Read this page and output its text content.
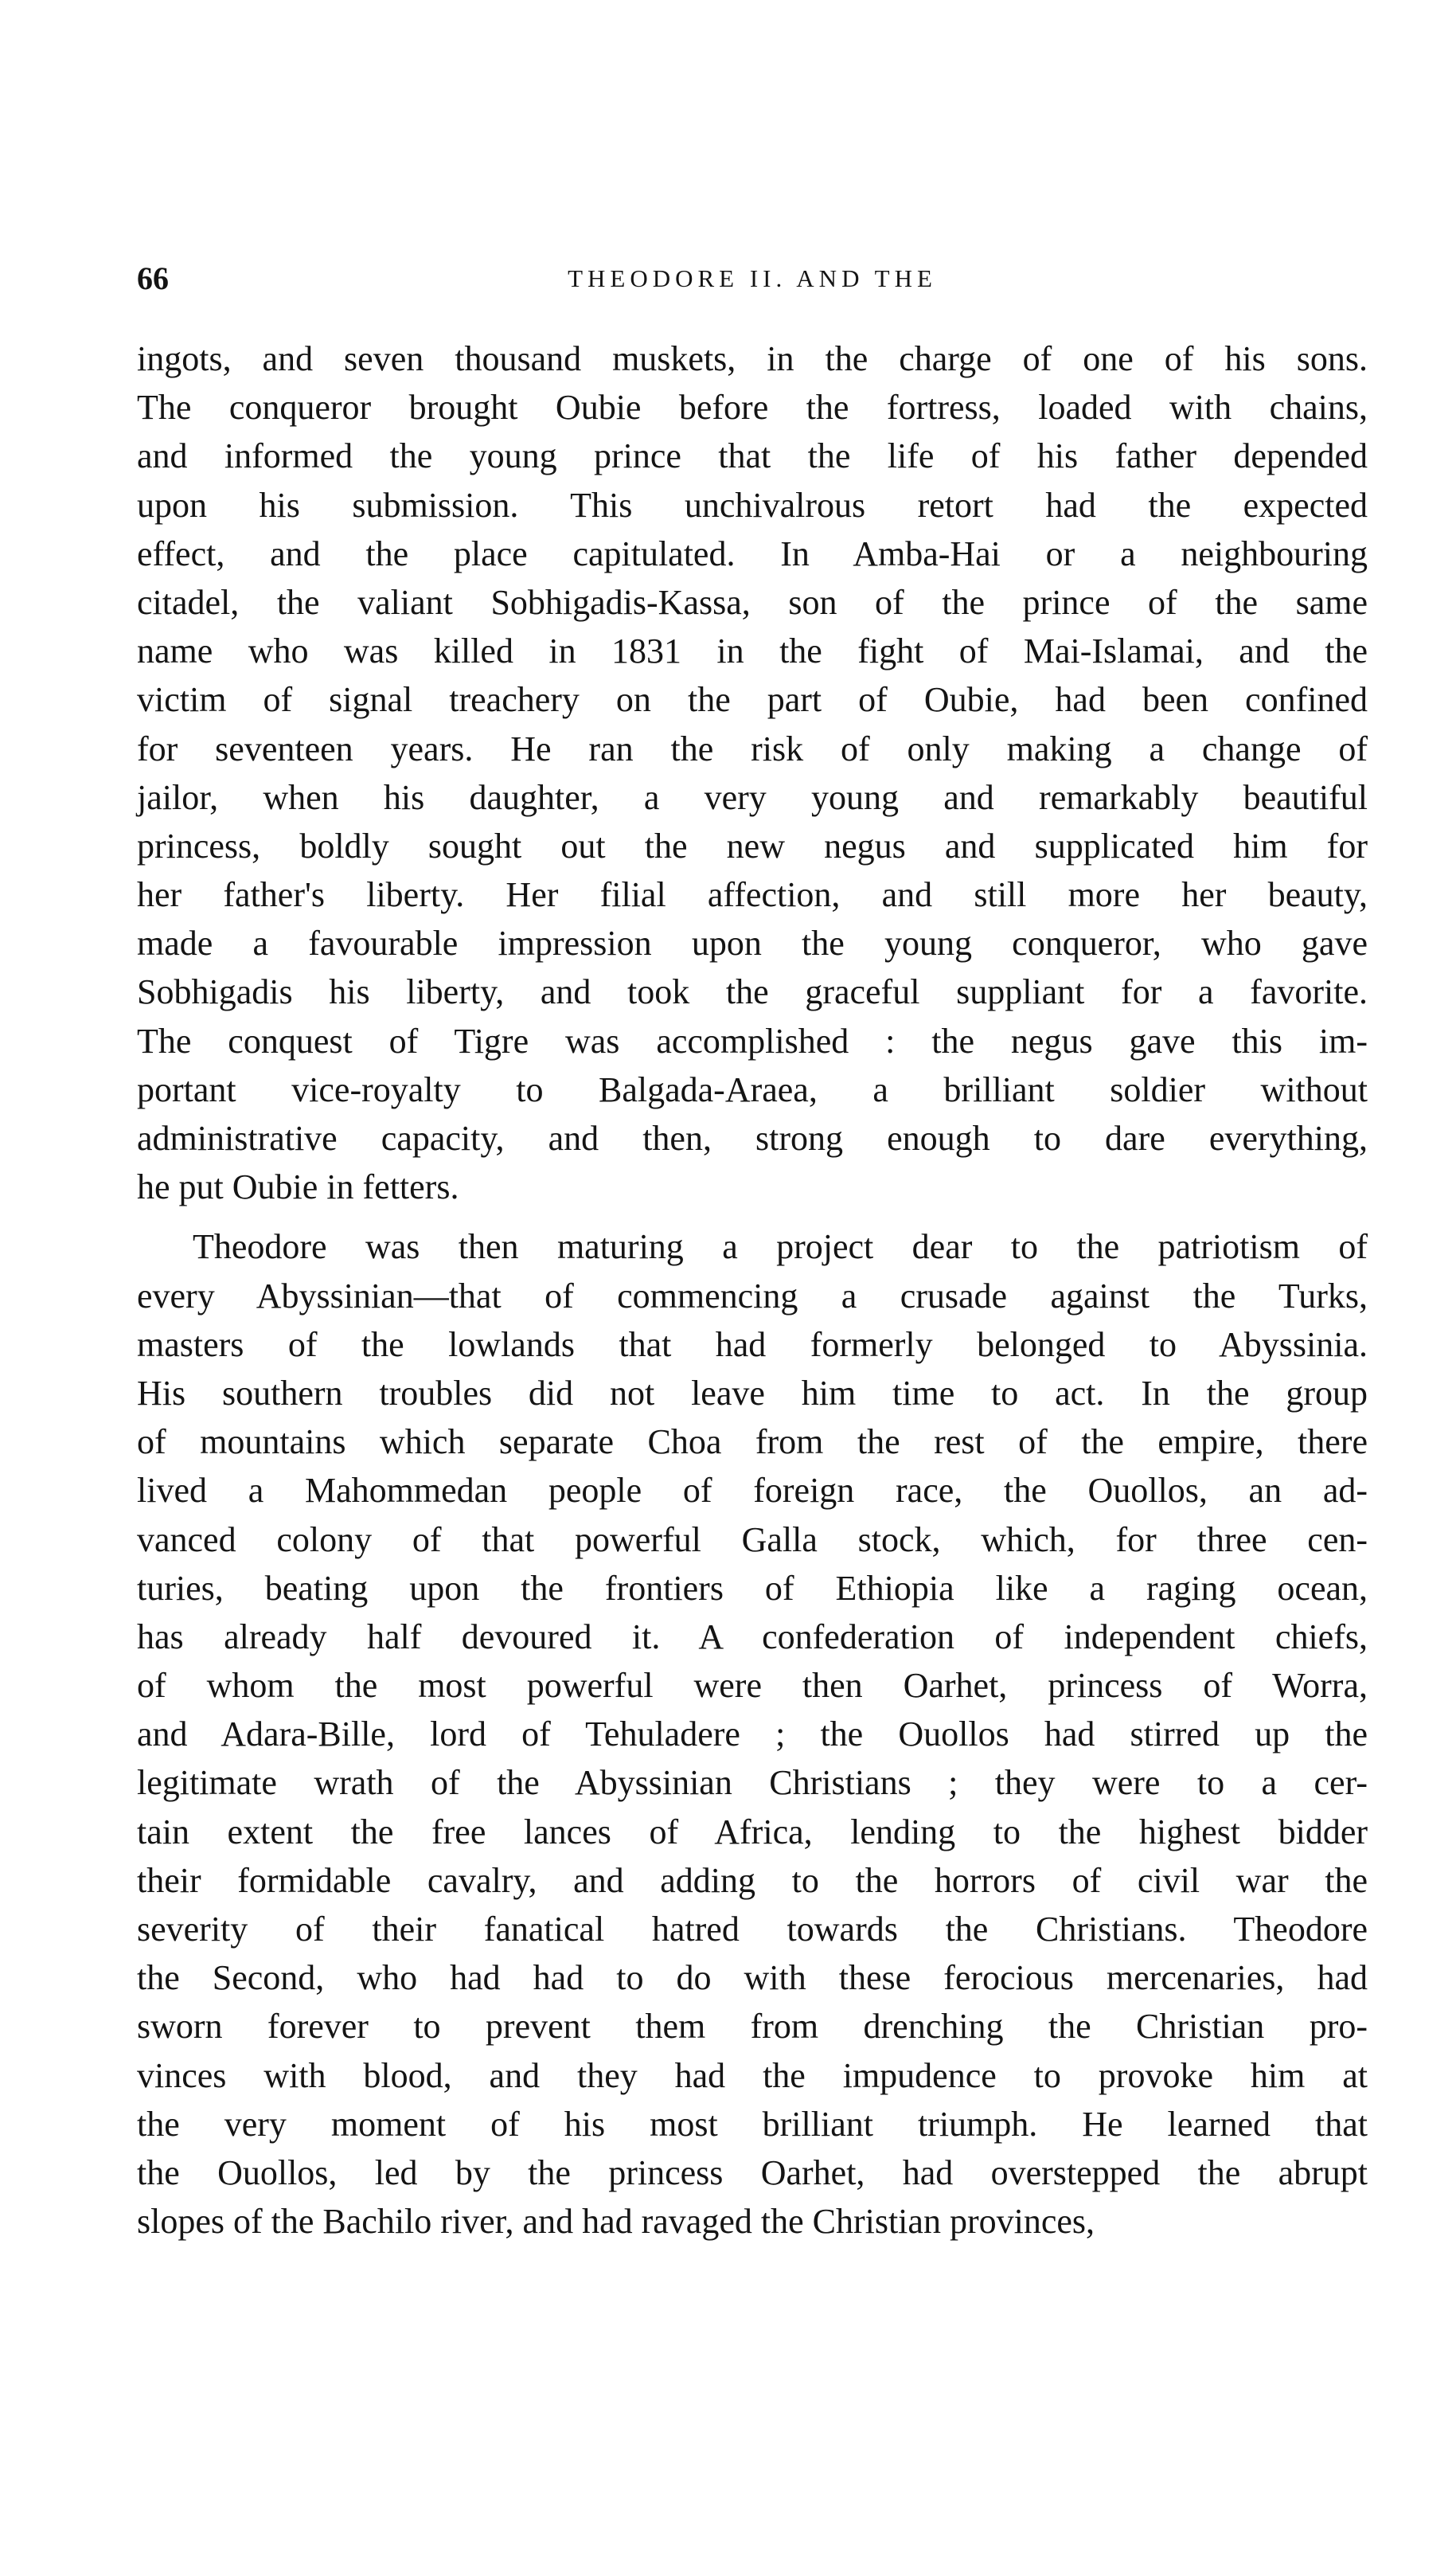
66	THEODORE II. AND THE
ingots, and seven thousand muskets, in the charge of one of his sons.
The conqueror brought Oubie before the fortress, loaded with chains,
and informed the young prince that the life of his father depended
upon his submission. This unchivalrous retort had the expected
effect, and the place capitulated. In Amba-Hai or a neighbouring
citadel, the valiant Sobhigadis-Kassa, son of the prince of the same
name who was killed in 1831 in the fight of Mai-Islamai, and the
victim of signal treachery on the part of Oubie, had been confined
for seventeen years. He ran the risk of only making a change of
jailor, when his daughter, a very young and remarkably beautiful
princess, boldly sought out the new negus and supplicated him for
her father's liberty. Her filial affection, and still more her beauty,
made a favourable impression upon the young conqueror, who gave
Sobhigadis his liberty, and took the graceful suppliant for a favorite.
The conquest of Tigre was accomplished : the negus gave this im-
portant vice-royalty to Balgada-Araea, a brilliant soldier without
administrative capacity, and then, strong enough to dare everything,
he put Oubie in fetters.
Theodore was then maturing a project dear to the patriotism of
every Abyssinian—that of commencing a crusade against the Turks,
masters of the lowlands that had formerly belonged to Abyssinia.
His southern troubles did not leave him time to act. In the group
of mountains which separate Choa from the rest of the empire, there
lived a Mahommedan people of foreign race, the Ouollos, an ad-
vanced colony of that powerful Galla stock, which, for three cen-
turies, beating upon the frontiers of Ethiopia like a raging ocean,
has already half devoured it. A confederation of independent chiefs,
of whom the most powerful were then Oarhet, princess of Worra,
and Adara-Bille, lord of Tehuladere ; the Ouollos had stirred up the
legitimate wrath of the Abyssinian Christians ; they were to a cer-
tain extent the free lances of Africa, lending to the highest bidder
their formidable cavalry, and adding to the horrors of civil war the
severity of their fanatical hatred towards the Christians. Theodore
the Second, who had had to do with these ferocious mercenaries, had
sworn forever to prevent them from drenching the Christian pro-
vinces with blood, and they had the impudence to provoke him at
the very moment of his most brilliant triumph. He learned that
the Ouollos, led by the princess Oarhet, had overstepped the abrupt
slopes of the Bachilo river, and had ravaged the Christian provinces,
